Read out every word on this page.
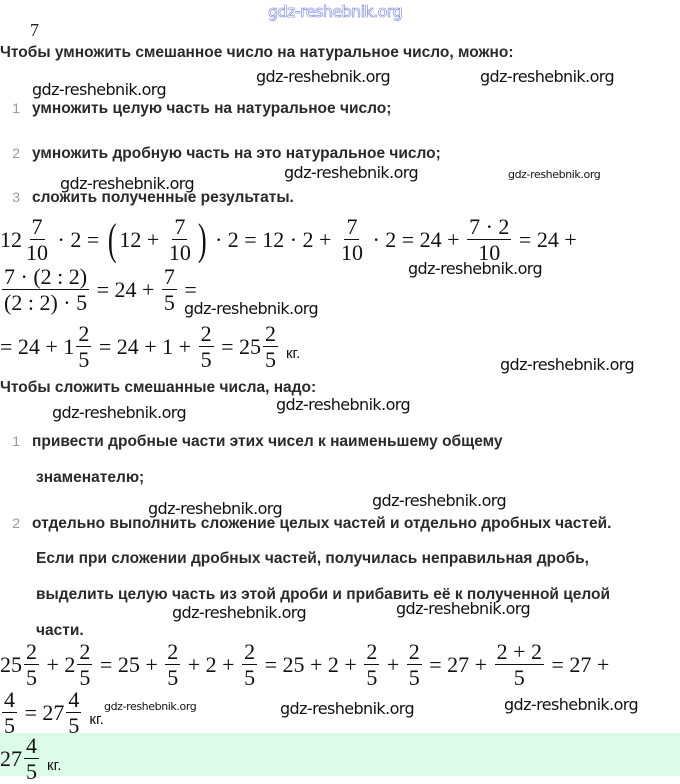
gdz-reshebnik.org
7
Чтобы умножить смешанное число на натуральное число, можно:
1 умножить целую часть на натуральное число;
2 умножить дробную часть на это натуральное число;
3 сложить полученные результаты.
$12 \frac{7}{10} \cdot 2$ = ( $12 + \frac{7}{10}$ ) · $2 = 12 \cdot 2 + \frac{7}{10} \cdot 2 = 24 + \frac{7 \cdot 2}{10} = 24$ +
$\frac{7 \cdot (2 : 2)}{(2 : 2) \cdot 5} = 24 + \frac{7}{5}$ =
= $24 + 1 \frac{2}{5} = 24 + 1 + \frac{2}{5} = 25 \frac{2}{5}$ кг.
Чтобы сложить смешанные числа, надо:
1 привести дробные части этих чисел к наименьшему общему
знаменателю;
2 отдельно выполнить сложение целых частей и отдельно дробных частей.
Если при сложении дробных частей, получилась неправильная дробь,
выделить целую часть из этой дроби и прибавить её к полученной целой
части.
$25 \frac{2}{5} + 2 \frac{2}{5} = 25 + \frac{2}{5} + 2 + \frac{2}{5} = 25 + 2 + \frac{2}{5} + \frac{2}{5} = 27 + \frac{2 + 2}{5} = 27$ +
$\frac{4}{5} = 27 \frac{4}{5}$ кг.
$27 \frac{4}{5}$ кг.
gdz-reshebnik.org
gdz-reshebnik.org	gdz-reshebnik.org
gdz-reshebnik.org
gdz-reshebnik.org	gdz-reshebnik.org
gdz-reshebnik.org
gdz-reshebnik.org
gdz-reshebnik.org
gdz-reshebnik.org	gdz-reshebnik.org
gdz-reshebnik.org	gdz-reshebnik.org
gdz-reshebnik.org	gdz-reshebnik.org
gdz-reshebnik.org	gdz-reshebnik.org	gdz-reshebnik.org
